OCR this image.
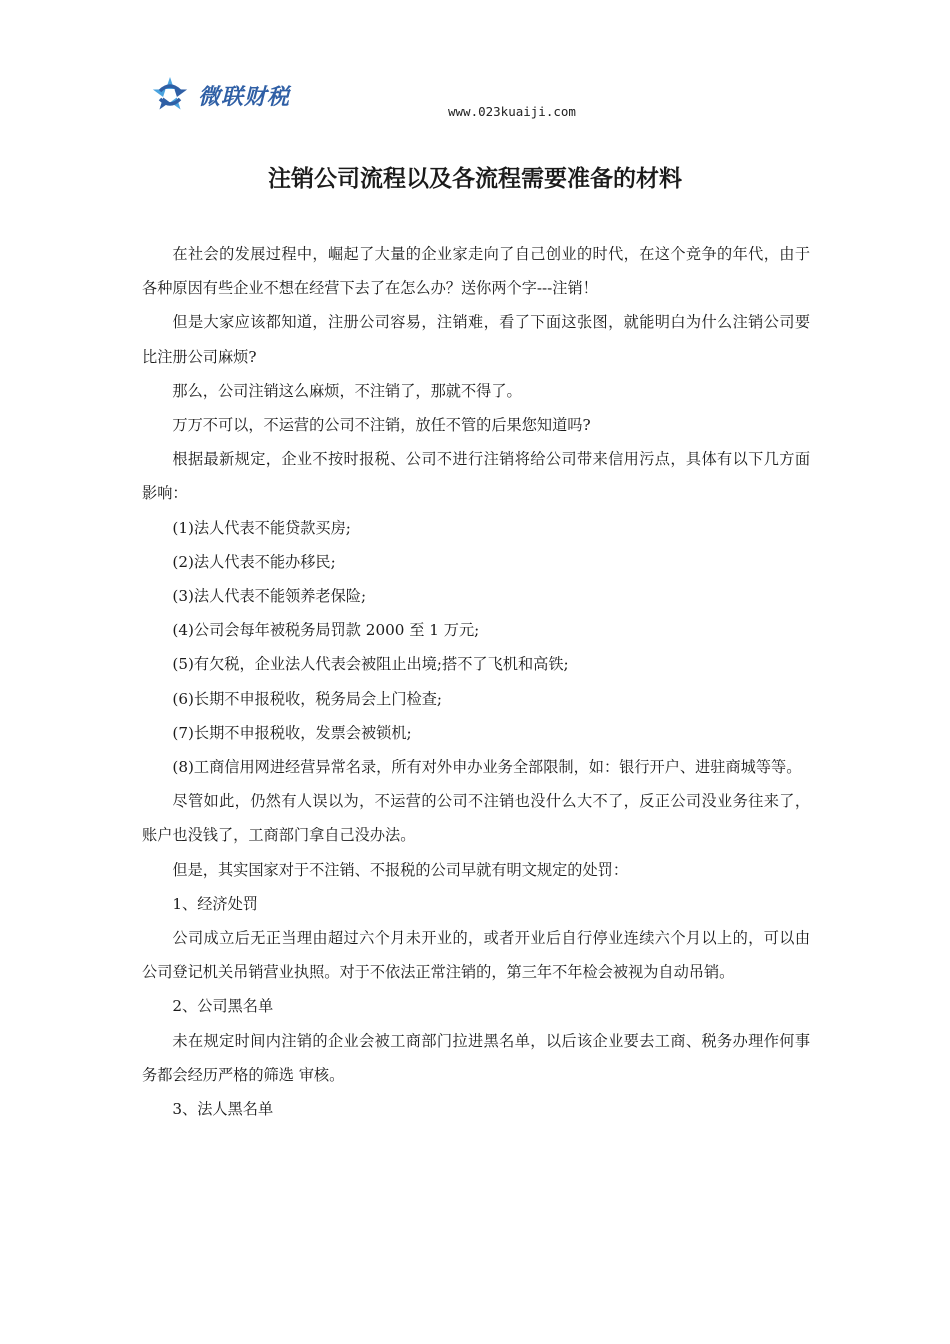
微联财税
www.023kuaiji.com
注销公司流程以及各流程需要准备的材料

在社会的发展过程中，崛起了大量的企业家走向了自己创业的时代，在这个竞争的年代，由于各种原因有些企业不想在经营下去了在怎么办？送你两个字---注销！

但是大家应该都知道，注册公司容易，注销难，看了下面这张图，就能明白为什么注销公司要比注册公司麻烦?

那么，公司注销这么麻烦，不注销了，那就不得了。

万万不可以，不运营的公司不注销，放任不管的后果您知道吗?

根据最新规定，企业不按时报税、公司不进行注销将给公司带来信用污点，具体有以下几方面影响：

(1)法人代表不能贷款买房;

(2)法人代表不能办移民;

(3)法人代表不能领养老保险;

(4)公司会每年被税务局罚款 2000 至 1 万元;

(5)有欠税，企业法人代表会被阻止出境;搭不了飞机和高铁;

(6)长期不申报税收，税务局会上门检查;

(7)长期不申报税收，发票会被锁机;

(8)工商信用网进经营异常名录，所有对外申办业务全部限制，如：银行开户、进驻商城等等。

尽管如此，仍然有人误以为，不运营的公司不注销也没什么大不了，反正公司没业务往来了，账户也没钱了，工商部门拿自己没办法。

但是，其实国家对于不注销、不报税的公司早就有明文规定的处罚：

1、经济处罚

公司成立后无正当理由超过六个月未开业的，或者开业后自行停业连续六个月以上的，可以由公司登记机关吊销营业执照。对于不依法正常注销的，第三年不年检会被视为自动吊销。

2、公司黑名单

未在规定时间内注销的企业会被工商部门拉进黑名单，以后该企业要去工商、税务办理作何事务都会经历严格的筛选 审核。

3、法人黑名单
